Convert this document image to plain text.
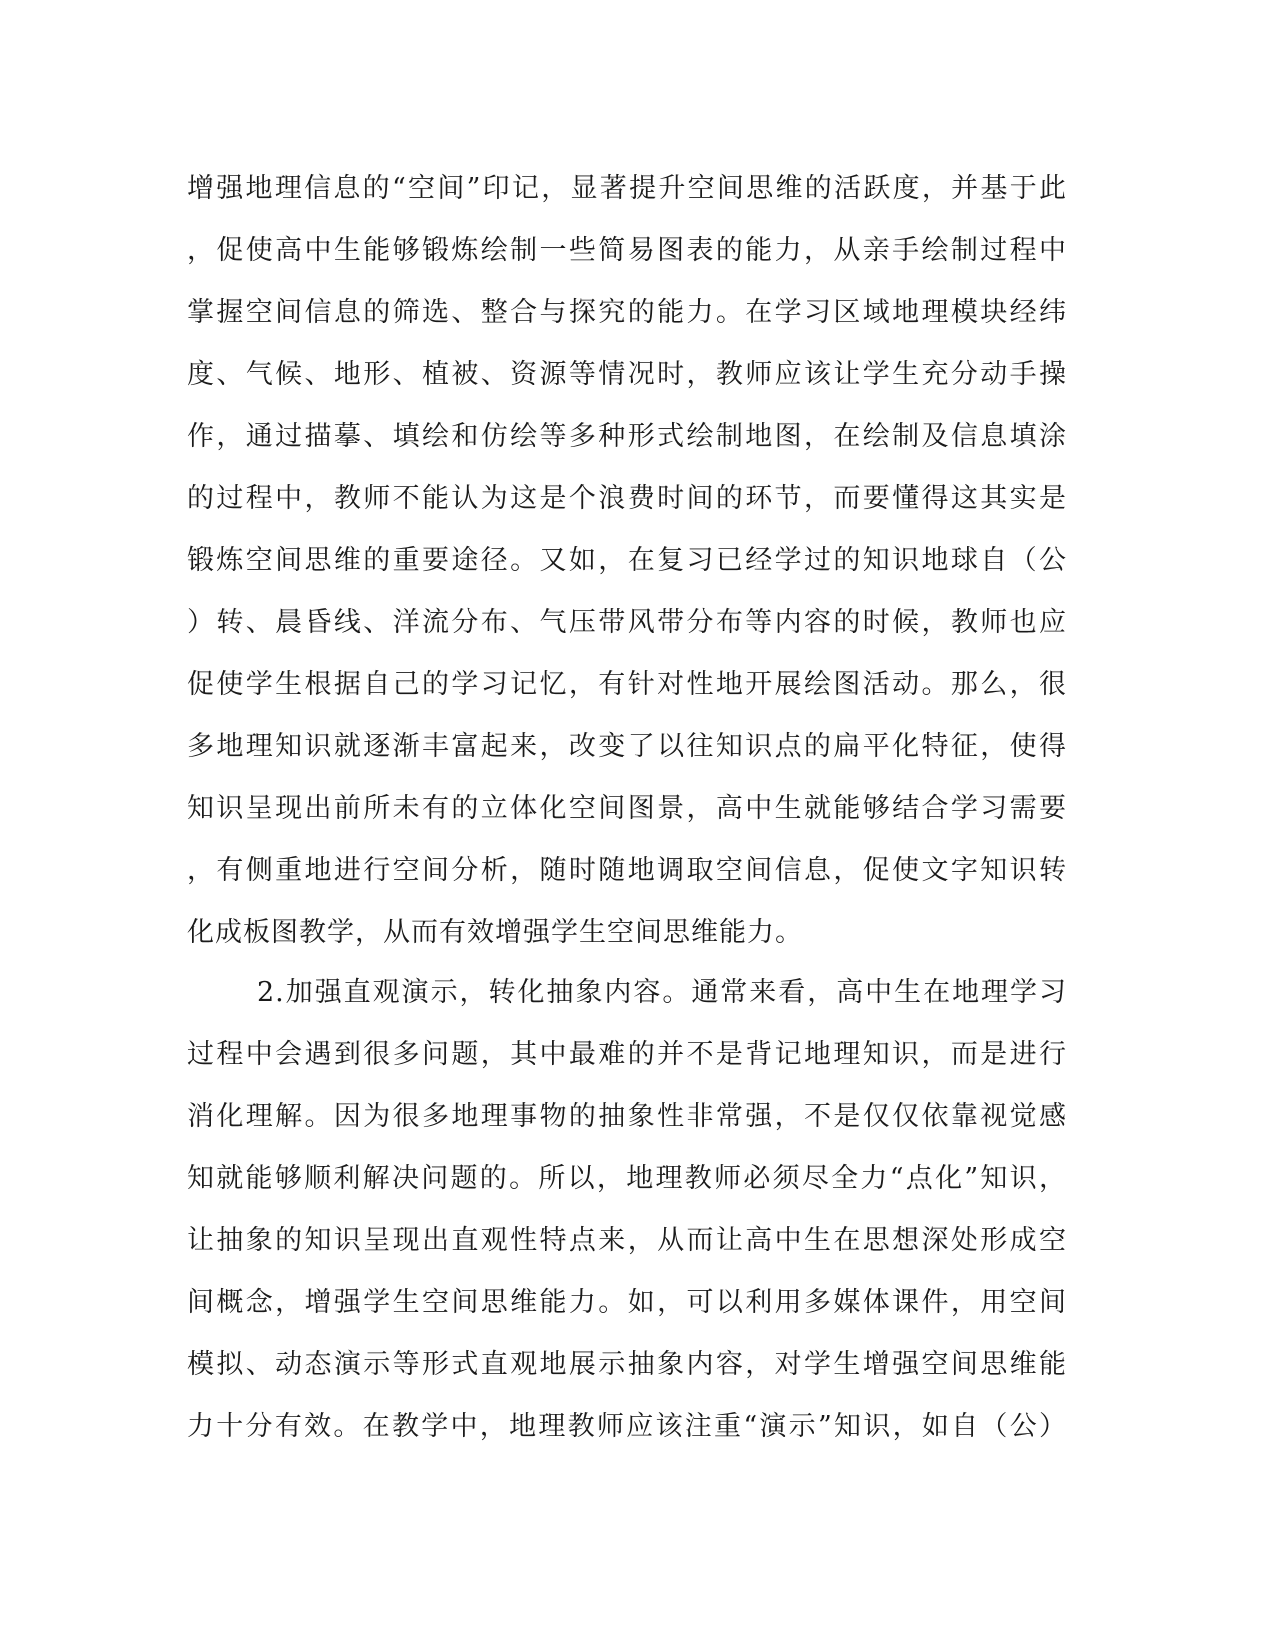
增强地理信息的“空间”印记，显著提升空间思维的活跃度，并基于此
，促使高中生能够锻炼绘制一些简易图表的能力，从亲手绘制过程中
掌握空间信息的筛选、整合与探究的能力。在学习区域地理模块经纬
度、气候、地形、植被、资源等情况时，教师应该让学生充分动手操
作，通过描摹、填绘和仿绘等多种形式绘制地图，在绘制及信息填涂
的过程中，教师不能认为这是个浪费时间的环节，而要懂得这其实是
锻炼空间思维的重要途径。又如，在复习已经学过的知识地球自（公
）转、晨昏线、洋流分布、气压带风带分布等内容的时候，教师也应
促使学生根据自己的学习记忆，有针对性地开展绘图活动。那么，很
多地理知识就逐渐丰富起来，改变了以往知识点的扁平化特征，使得
知识呈现出前所未有的立体化空间图景，高中生就能够结合学习需要
，有侧重地进行空间分析，随时随地调取空间信息，促使文字知识转
化成板图教学，从而有效增强学生空间思维能力。
2.加强直观演示，转化抽象内容。通常来看，高中生在地理学习
过程中会遇到很多问题，其中最难的并不是背记地理知识，而是进行
消化理解。因为很多地理事物的抽象性非常强，不是仅仅依靠视觉感
知就能够顺利解决问题的。所以，地理教师必须尽全力“点化”知识，
让抽象的知识呈现出直观性特点来，从而让高中生在思想深处形成空
间概念，增强学生空间思维能力。如，可以利用多媒体课件，用空间
模拟、动态演示等形式直观地展示抽象内容，对学生增强空间思维能
力十分有效。在教学中，地理教师应该注重“演示”知识，如自（公）
